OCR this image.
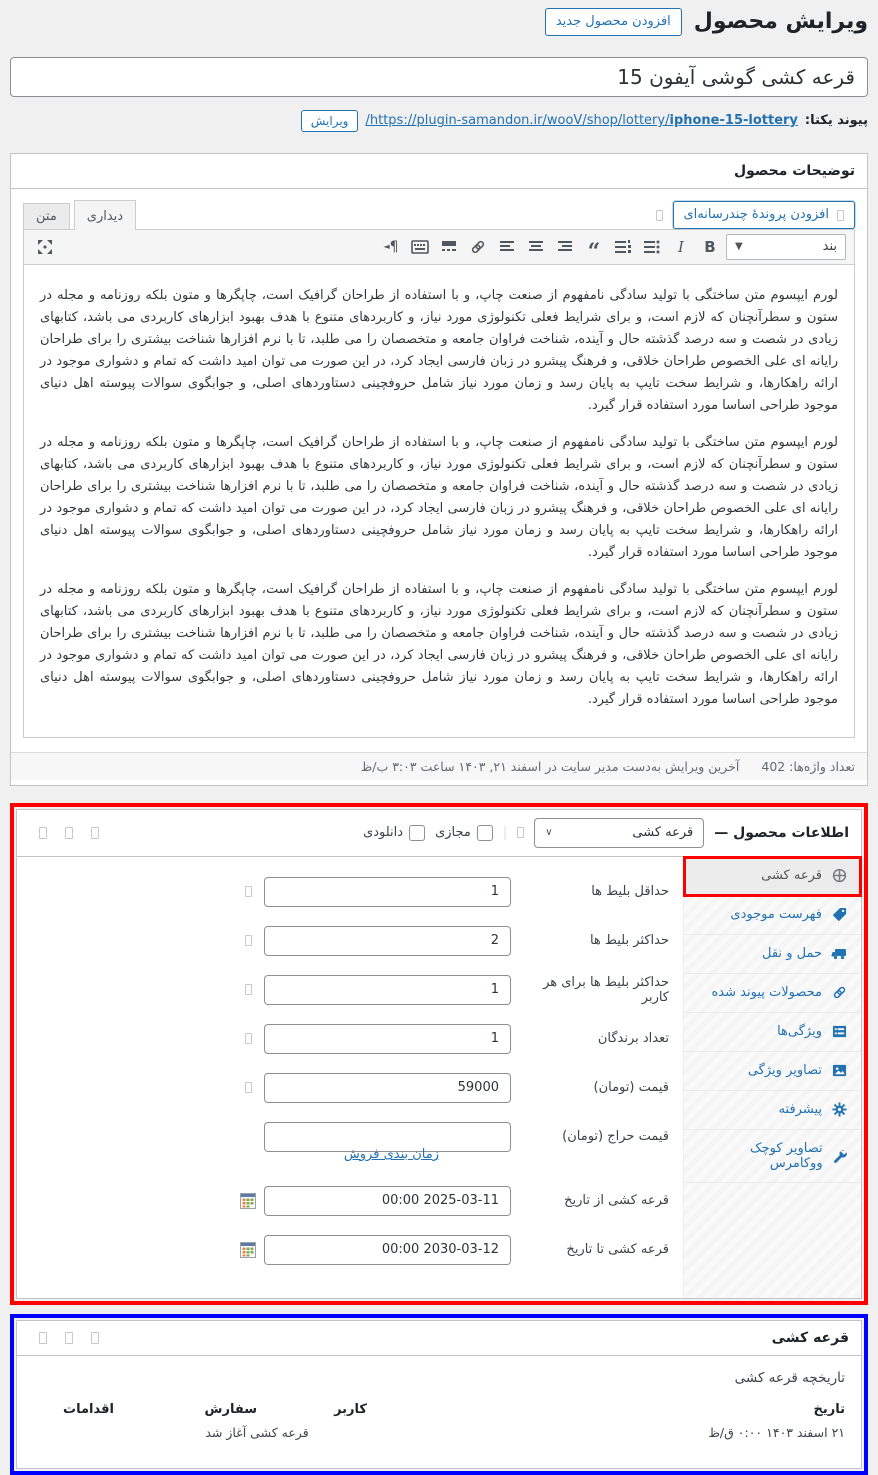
ویرایش محصول
افزودن محصول جدید
قرعه کشی گوشی آیفون 15
پیوند یکتا:
https://plugin-samandon.ir/wooV/shop/lottery/iphone-15-lottery/
ویرایش
توضیحات محصول
افزودن پروندهٔ چندرسانه‌ای
دیداری
متن
بند
▼
B
I
“
¶
◄

لورم ایپسوم متن ساختگی با تولید سادگی نامفهوم از صنعت چاپ، و با استفاده از طراحان گرافیک است، چاپگرها و متون بلکه روزنامه و مجله در ستون و سطرآنچنان که لازم است، و برای شرایط فعلی تکنولوژی مورد نیاز، و کاربردهای متنوع با هدف بهبود ابزارهای کاربردی می باشد، کتابهای زیادی در شصت و سه درصد گذشته حال و آینده، شناخت فراوان جامعه و متخصصان را می طلبد، تا با نرم افزارها شناخت بیشتری را برای طراحان رایانه ای علی الخصوص طراحان خلاقی، و فرهنگ پیشرو در زبان فارسی ایجاد کرد، در این صورت می توان امید داشت که تمام و دشواری موجود در ارائه راهکارها، و شرایط سخت تایپ به پایان رسد و زمان مورد نیاز شامل حروفچینی دستاوردهای اصلی، و جوابگوی سوالات پیوسته اهل دنیای موجود طراحی اساسا مورد استفاده قرار گیرد.

لورم ایپسوم متن ساختگی با تولید سادگی نامفهوم از صنعت چاپ، و با استفاده از طراحان گرافیک است، چاپگرها و متون بلکه روزنامه و مجله در ستون و سطرآنچنان که لازم است، و برای شرایط فعلی تکنولوژی مورد نیاز، و کاربردهای متنوع با هدف بهبود ابزارهای کاربردی می باشد، کتابهای زیادی در شصت و سه درصد گذشته حال و آینده، شناخت فراوان جامعه و متخصصان را می طلبد، تا با نرم افزارها شناخت بیشتری را برای طراحان رایانه ای علی الخصوص طراحان خلاقی، و فرهنگ پیشرو در زبان فارسی ایجاد کرد، در این صورت می توان امید داشت که تمام و دشواری موجود در ارائه راهکارها، و شرایط سخت تایپ به پایان رسد و زمان مورد نیاز شامل حروفچینی دستاوردهای اصلی، و جوابگوی سوالات پیوسته اهل دنیای موجود طراحی اساسا مورد استفاده قرار گیرد.

لورم ایپسوم متن ساختگی با تولید سادگی نامفهوم از صنعت چاپ، و با استفاده از طراحان گرافیک است، چاپگرها و متون بلکه روزنامه و مجله در ستون و سطرآنچنان که لازم است، و برای شرایط فعلی تکنولوژی مورد نیاز، و کاربردهای متنوع با هدف بهبود ابزارهای کاربردی می باشد، کتابهای زیادی در شصت و سه درصد گذشته حال و آینده، شناخت فراوان جامعه و متخصصان را می طلبد، تا با نرم افزارها شناخت بیشتری را برای طراحان رایانه ای علی الخصوص طراحان خلاقی، و فرهنگ پیشرو در زبان فارسی ایجاد کرد، در این صورت می توان امید داشت که تمام و دشواری موجود در ارائه راهکارها، و شرایط سخت تایپ به پایان رسد و زمان مورد نیاز شامل حروفچینی دستاوردهای اصلی، و جوابگوی سوالات پیوسته اهل دنیای موجود طراحی اساسا مورد استفاده قرار گیرد.

تعداد واژه‌ها: 402
آخرین ویرایش به‌دست مدیر سایت در اسفند ۲۱, ۱۴۰۳ ساعت ۳:۰۳ ب/ظ
اطلاعات محصول —
قرعه کشی
∨
|
مجازی
دانلودی
قرعه کشی
فهرست موجودی
حمل و نقل
محصولات پیوند شده
ویژگی‌ها
تصاویر ویژگی
پیشرفته
تصاویر کوچک ووکامرس
حداقل بلیط ها
1
حداکثر بلیط ها
2
حداکثر بلیط ها برای هر کاربر
1
تعداد برندگان
1
قیمت (تومان)
59000
قیمت حراج (تومان)
زمان بندی فروش
قرعه کشی از تاریخ
2025-03-11 00:00
قرعه کشی تا تاریخ
2030-03-12 00:00
قرعه کشی
تاریخچه قرعه کشی
تاریخ
کاربر
سفارش
اقدامات
۲۱ اسفند ۱۴۰۳ ۰:۰۰ ق/ظ
قرعه کشی آغاز شد
